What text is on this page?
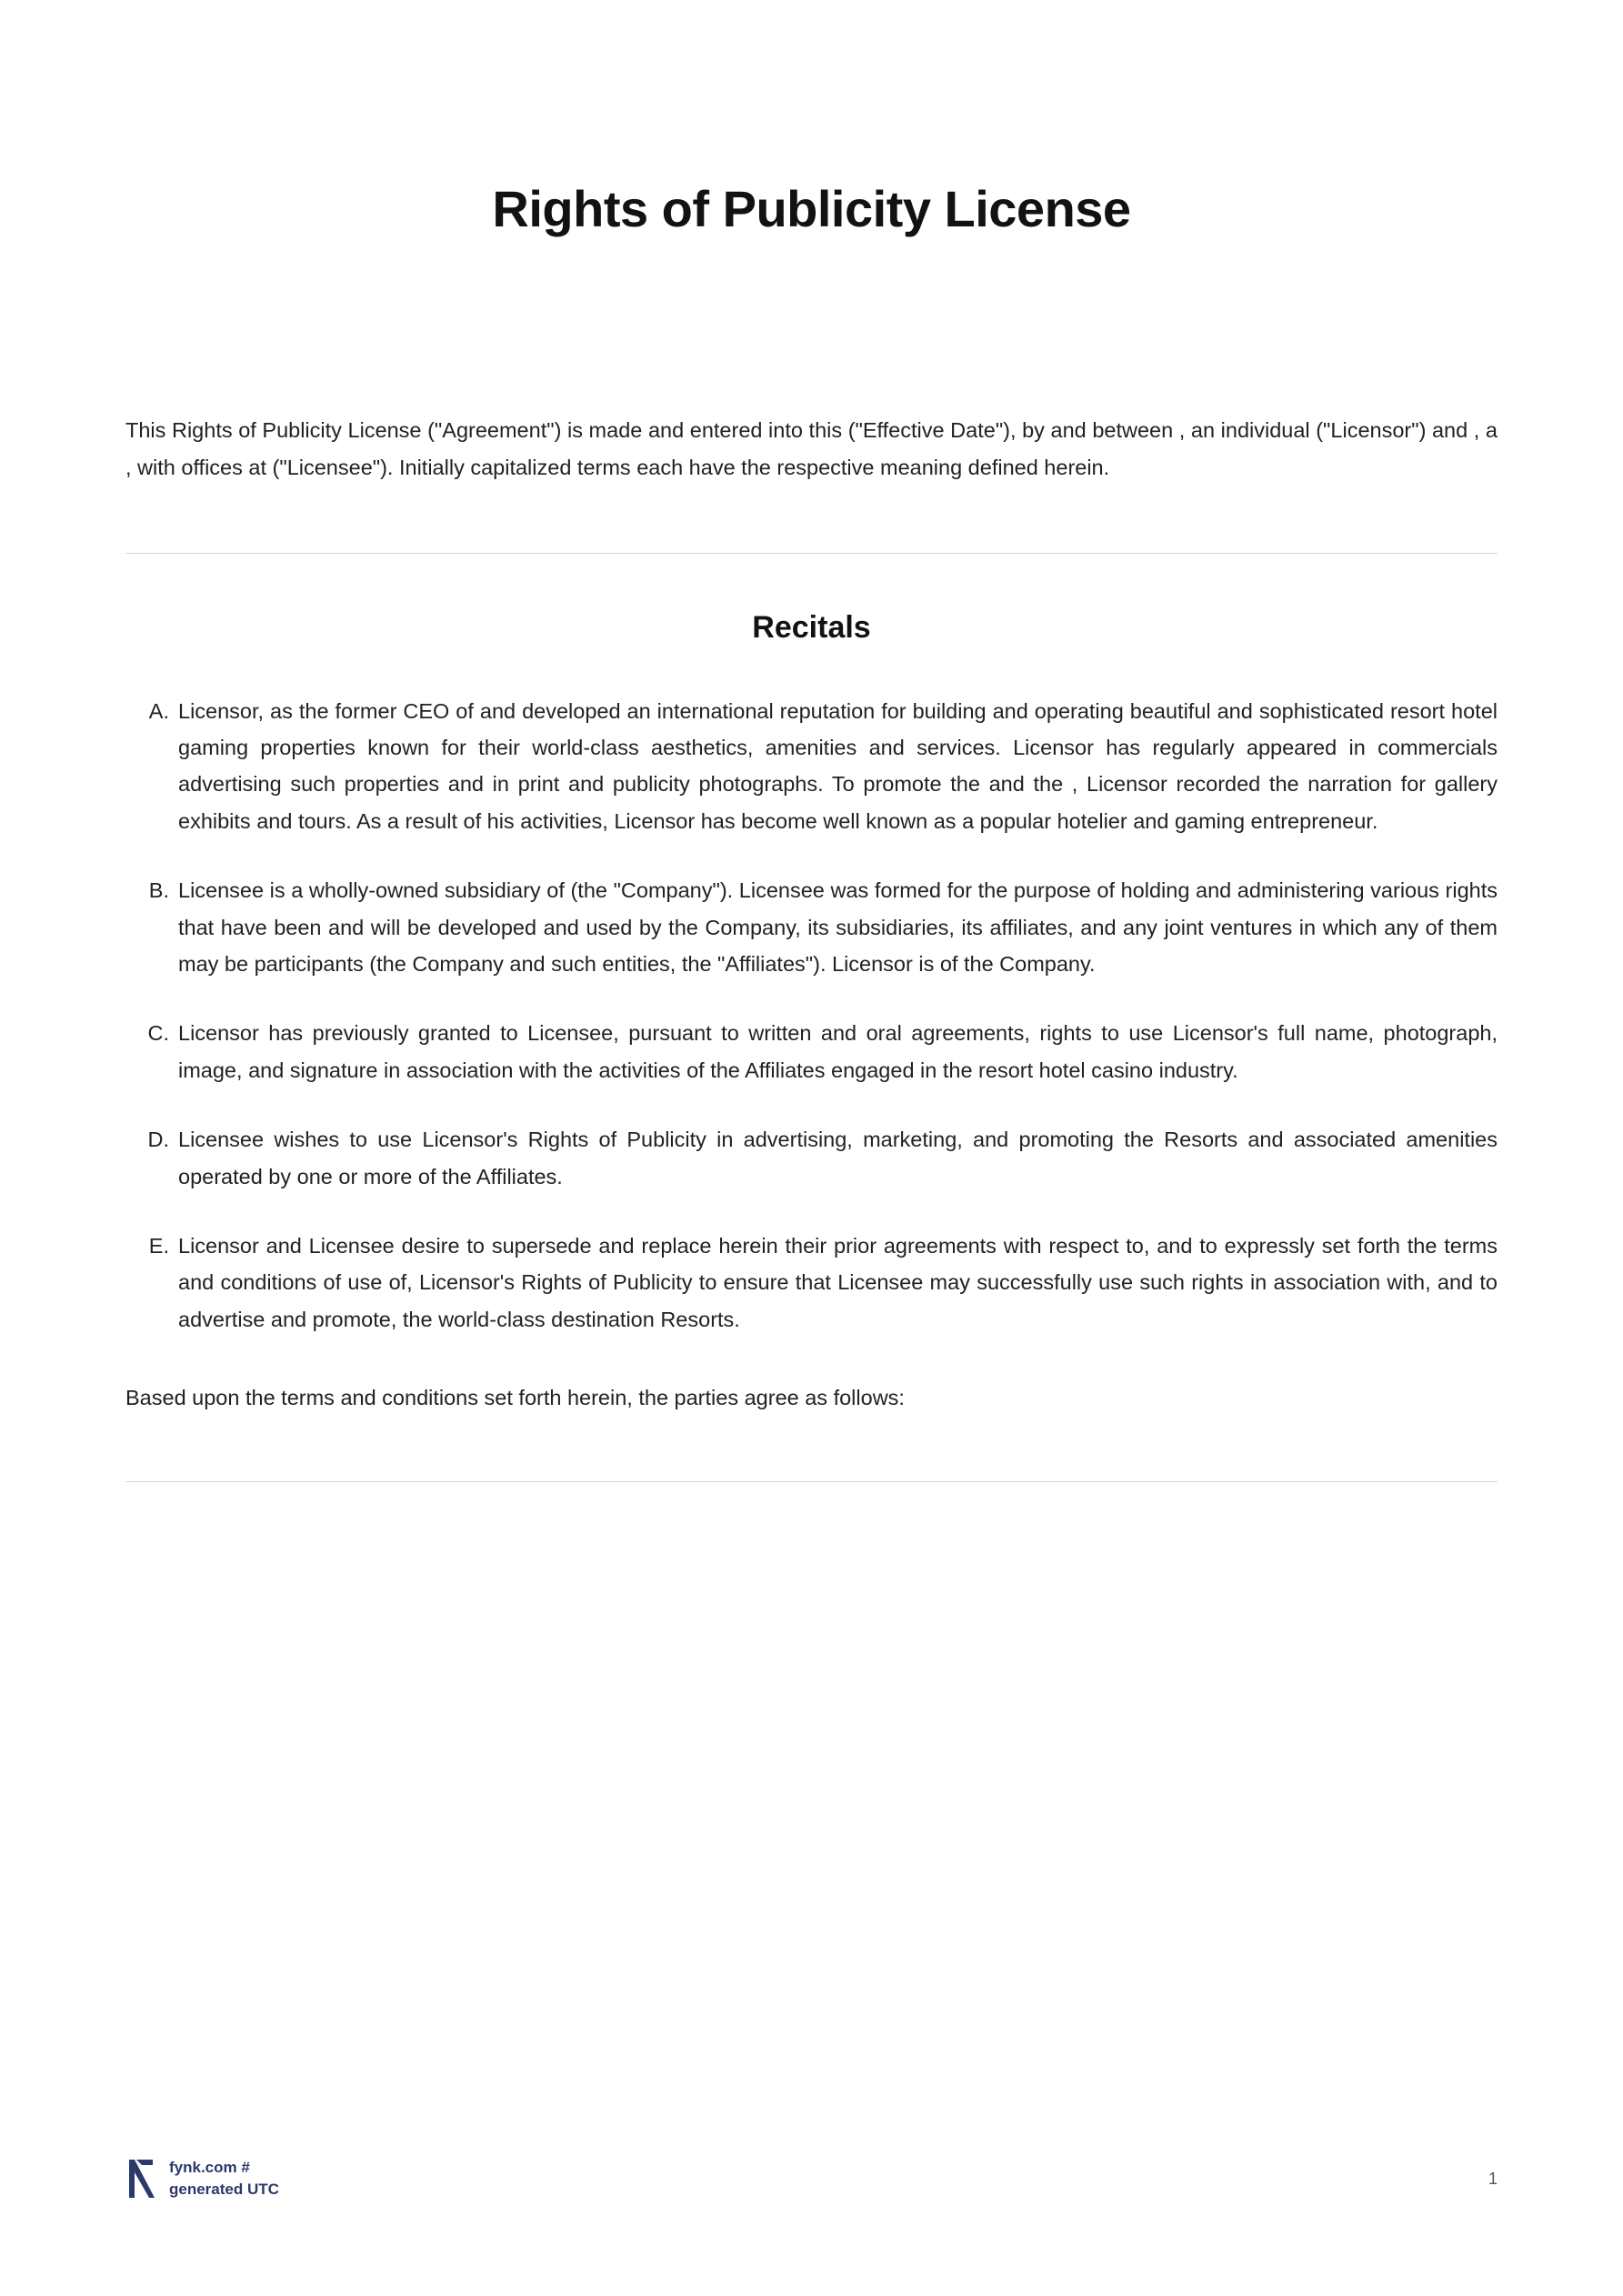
Rights of Publicity License

This Rights of Publicity License ("Agreement") is made and entered into this ("Effective Date"), by and between , an individual ("Licensor") and , a , with offices at ("Licensee"). Initially capitalized terms each have the respective meaning defined herein.

Recitals
A. Licensor, as the former CEO of and developed an international reputation for building and operating beautiful and sophisticated resort hotel gaming properties known for their world-class aesthetics, amenities and services. Licensor has regularly appeared in commercials advertising such properties and in print and publicity photographs. To promote the and the , Licensor recorded the narration for gallery exhibits and tours. As a result of his activities, Licensor has become well known as a popular hotelier and gaming entrepreneur.
B. Licensee is a wholly-owned subsidiary of (the "Company"). Licensee was formed for the purpose of holding and administering various rights that have been and will be developed and used by the Company, its subsidiaries, its affiliates, and any joint ventures in which any of them may be participants (the Company and such entities, the "Affiliates"). Licensor is of the Company.
C. Licensor has previously granted to Licensee, pursuant to written and oral agreements, rights to use Licensor's full name, photograph, image, and signature in association with the activities of the Affiliates engaged in the resort hotel casino industry.
D. Licensee wishes to use Licensor's Rights of Publicity in advertising, marketing, and promoting the Resorts and associated amenities operated by one or more of the Affiliates.
E. Licensor and Licensee desire to supersede and replace herein their prior agreements with respect to, and to expressly set forth the terms and conditions of use of, Licensor's Rights of Publicity to ensure that Licensee may successfully use such rights in association with, and to advertise and promote, the world-class destination Resorts.

Based upon the terms and conditions set forth herein, the parties agree as follows:

fynk.com #
generated UTC
1
